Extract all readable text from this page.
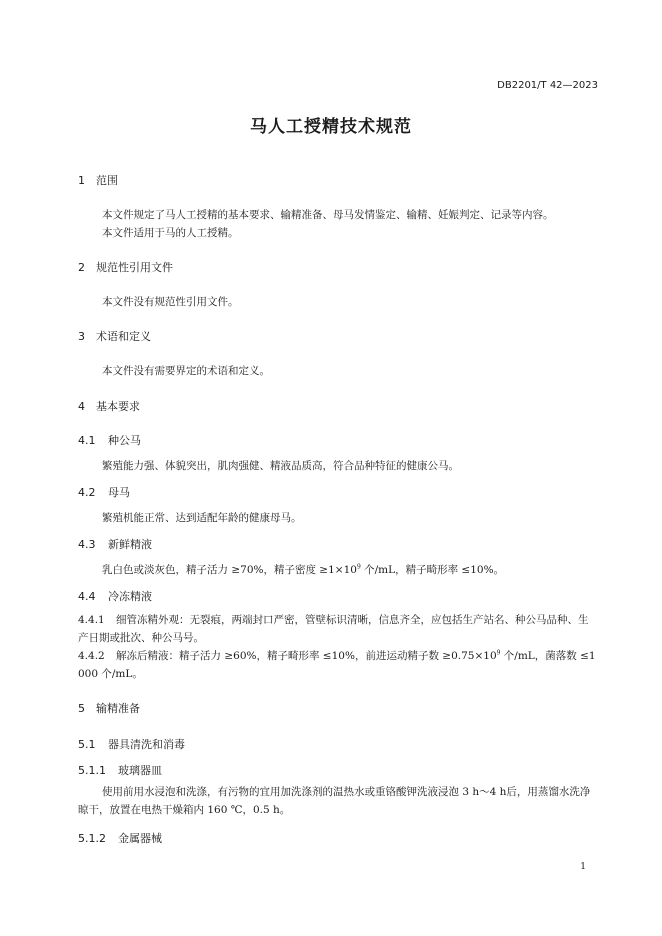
DB2201/T 42—2023
马人工授精技术规范
1 范围
本文件规定了马人工授精的基本要求、输精准备、母马发情鉴定、输精、妊娠判定、记录等内容。
本文件适用于马的人工授精。
2 规范性引用文件
本文件没有规范性引用文件。
3 术语和定义
本文件没有需要界定的术语和定义。
4 基本要求
4.1 种公马
繁殖能力强、体貌突出，肌肉强健、精液品质高，符合品种特征的健康公马。
4.2 母马
繁殖机能正常、达到适配年龄的健康母马。
4.3 新鲜精液
乳白色或淡灰色，精子活力 ≥70%，精子密度 $\ge 1\times 10^9$ 个/mL，精子畸形率 ≤10%。
4.4 冷冻精液
4.4.1 细管冻精外观：无裂痕，两端封口严密，管壁标识清晰，信息齐全，应包括生产站名、种公马品种、生产日期或批次、种公马号。
4.4.2 解冻后精液：精子活力 ≥60%，精子畸形率 ≤10%，前进运动精子数 $\ge 0.75\times 10^9$ 个/mL，菌落数 ≤1 000 个/mL。
5 输精准备
5.1 器具清洗和消毒
5.1.1 玻璃器皿
使用前用水浸泡和洗涤，有污物的宜用加洗涤剂的温热水或重铬酸钾洗液浸泡 3 h～4 h后，用蒸馏水洗净晾干，放置在电热干燥箱内 160 ℃，0.5 h。
5.1.2 金属器械
1
